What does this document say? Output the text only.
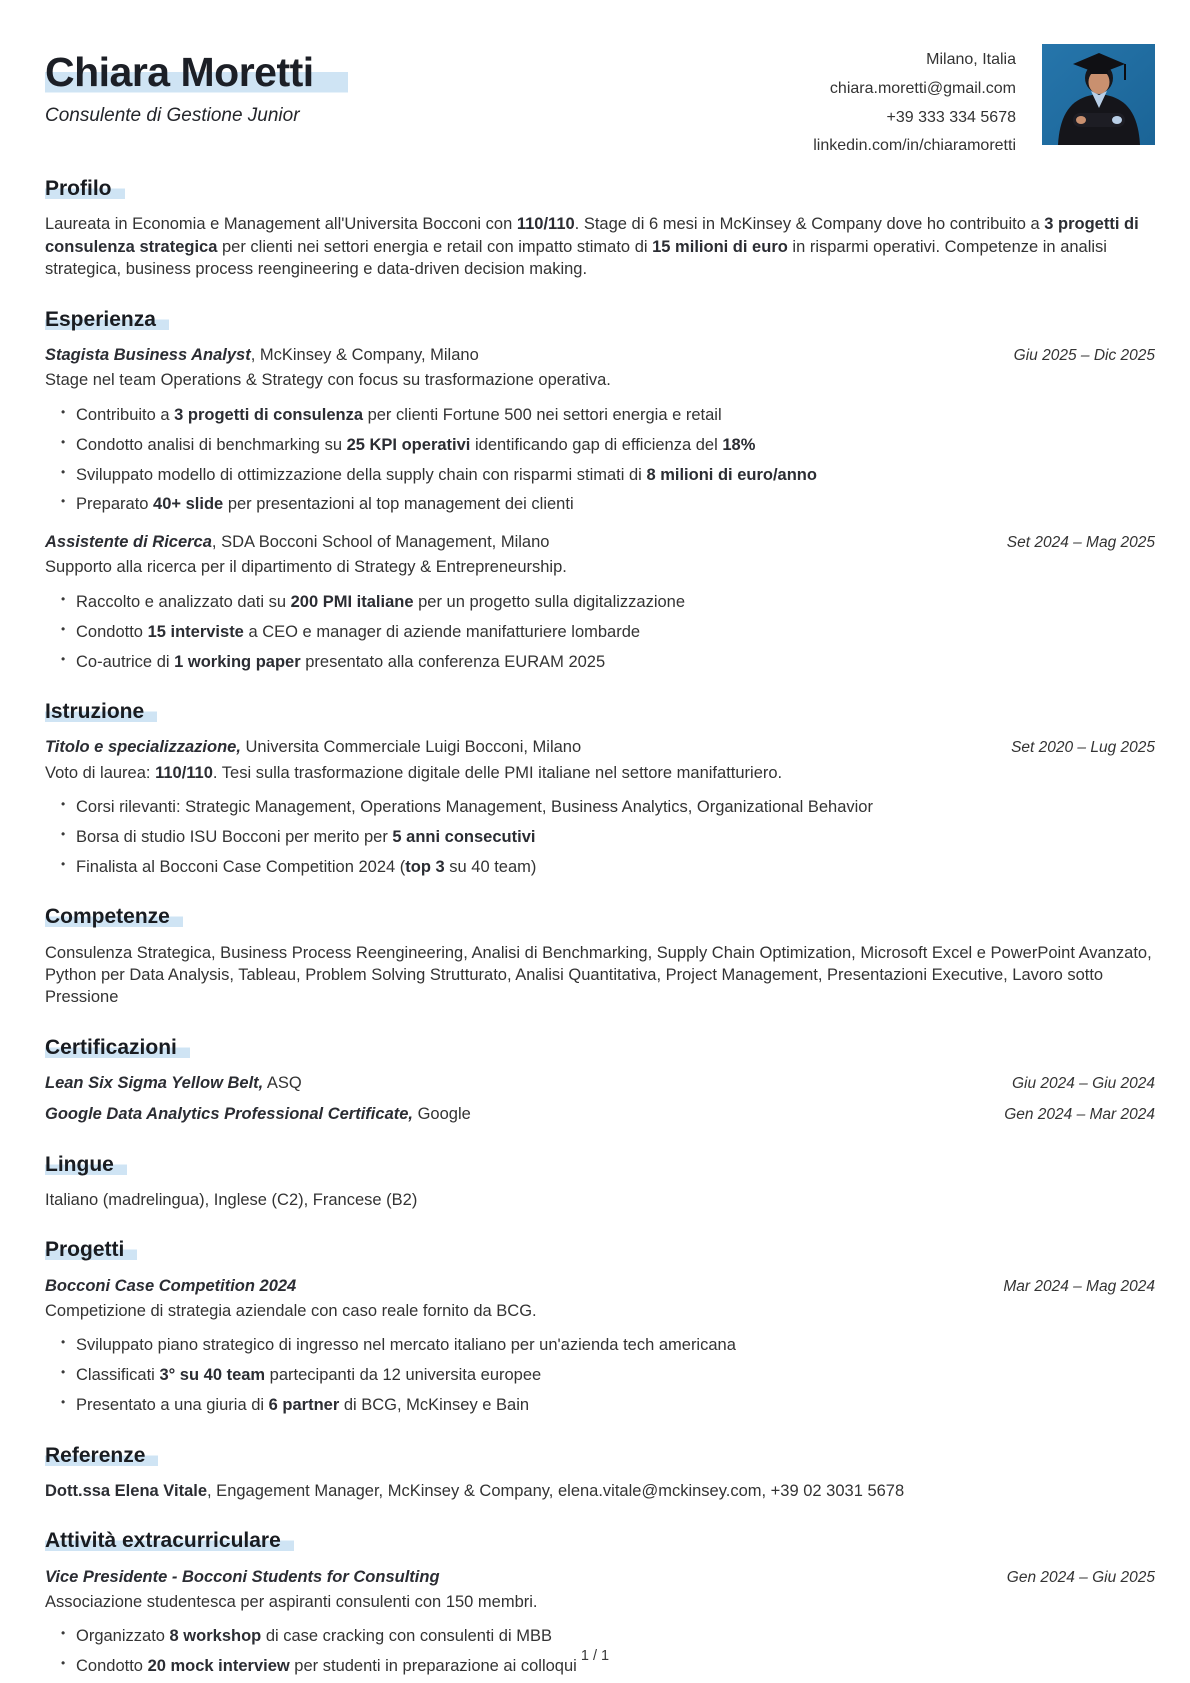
Chiara Moretti
Consulente di Gestione Junior
Milano, Italia
chiara.moretti@gmail.com
+39 333 334 5678
linkedin.com/in/chiaramoretti
Profilo

Laureata in Economia e Management all'Universita Bocconi con 110/110. Stage di 6 mesi in McKinsey & Company dove ho contribuito a 3 progetti di consulenza strategica per clienti nei settori energia e retail con impatto stimato di 15 milioni di euro in risparmi operativi. Competenze in analisi strategica, business process reengineering e data-driven decision making.

Esperienza
Stagista Business Analyst, McKinsey & Company, Milano	Giu 2025 – Dic 2025
Stage nel team Operations & Strategy con focus su trasformazione operativa.
• Contribuito a 3 progetti di consulenza per clienti Fortune 500 nei settori energia e retail
• Condotto analisi di benchmarking su 25 KPI operativi identificando gap di efficienza del 18%
• Sviluppato modello di ottimizzazione della supply chain con risparmi stimati di 8 milioni di euro/anno
• Preparato 40+ slide per presentazioni al top management dei clienti
Assistente di Ricerca, SDA Bocconi School of Management, Milano	Set 2024 – Mag 2025
Supporto alla ricerca per il dipartimento di Strategy & Entrepreneurship.
• Raccolto e analizzato dati su 200 PMI italiane per un progetto sulla digitalizzazione
• Condotto 15 interviste a CEO e manager di aziende manifatturiere lombarde
• Co-autrice di 1 working paper presentato alla conferenza EURAM 2025
Istruzione
Titolo e specializzazione, Universita Commerciale Luigi Bocconi, Milano	Set 2020 – Lug 2025
Voto di laurea: 110/110. Tesi sulla trasformazione digitale delle PMI italiane nel settore manifatturiero.
• Corsi rilevanti: Strategic Management, Operations Management, Business Analytics, Organizational Behavior
• Borsa di studio ISU Bocconi per merito per 5 anni consecutivi
• Finalista al Bocconi Case Competition 2024 (top 3 su 40 team)
Competenze

Consulenza Strategica, Business Process Reengineering, Analisi di Benchmarking, Supply Chain Optimization, Microsoft Excel e PowerPoint Avanzato, Python per Data Analysis, Tableau, Problem Solving Strutturato, Analisi Quantitativa, Project Management, Presentazioni Executive, Lavoro sotto Pressione

Certificazioni
Lean Six Sigma Yellow Belt, ASQ	Giu 2024 – Giu 2024
Google Data Analytics Professional Certificate, Google	Gen 2024 – Mar 2024
Lingue

Italiano (madrelingua), Inglese (C2), Francese (B2)

Progetti
Bocconi Case Competition 2024	Mar 2024 – Mag 2024
Competizione di strategia aziendale con caso reale fornito da BCG.
• Sviluppato piano strategico di ingresso nel mercato italiano per un'azienda tech americana
• Classificati 3° su 40 team partecipanti da 12 universita europee
• Presentato a una giuria di 6 partner di BCG, McKinsey e Bain
Referenze

Dott.ssa Elena Vitale, Engagement Manager, McKinsey & Company, elena.vitale@mckinsey.com, +39 02 3031 5678

Attività extracurriculare
Vice Presidente - Bocconi Students for Consulting	Gen 2024 – Giu 2025
Associazione studentesca per aspiranti consulenti con 150 membri.
• Organizzato 8 workshop di case cracking con consulenti di MBB
• Condotto 20 mock interview per studenti in preparazione ai colloqui
1 / 1
